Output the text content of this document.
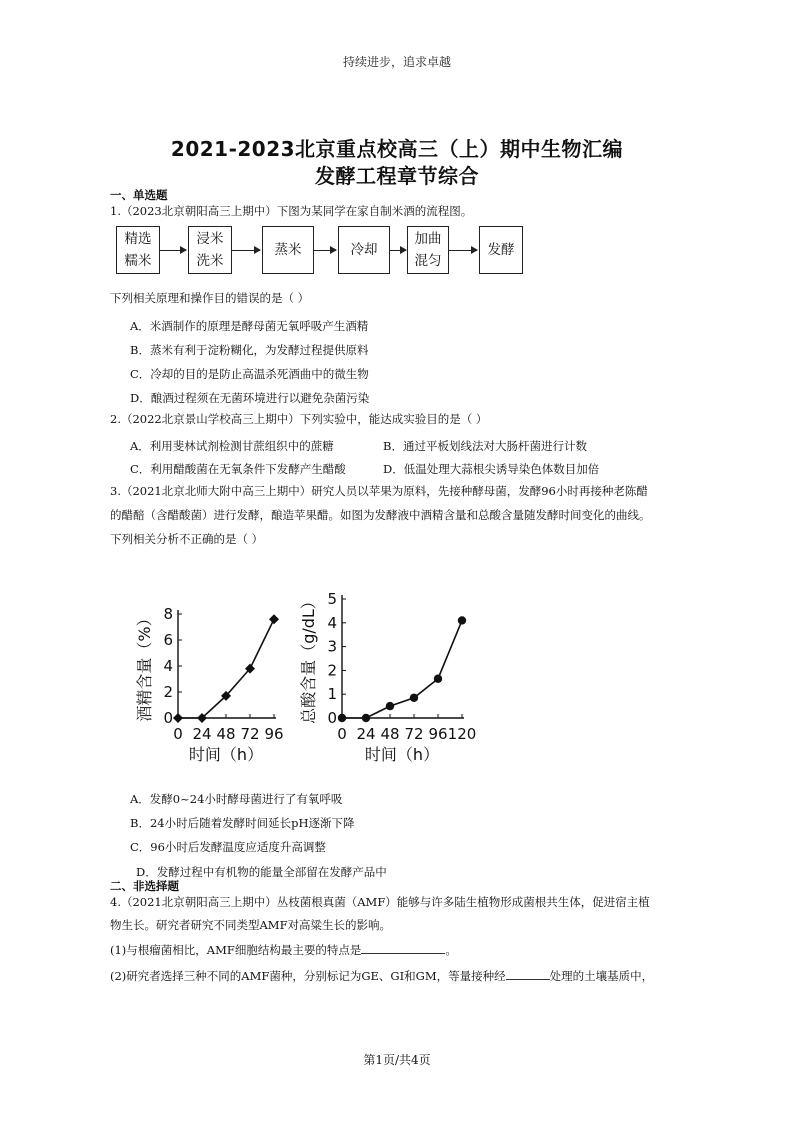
持续进步，追求卓越
2021-2023北京重点校高三（上）期中生物汇编
发酵工程章节综合
一、单选题
1.（2023北京朝阳高三上期中）下图为某同学在家自制米酒的流程图。
精选
糯米
浸米
洗米
蒸米	冷却
加曲
混匀
发酵
下列相关原理和操作目的错误的是（ ）
A．米酒制作的原理是酵母菌无氧呼吸产生酒精
B．蒸米有利于淀粉糊化，为发酵过程提供原料
C．冷却的目的是防止高温杀死酒曲中的微生物
D．酿酒过程须在无菌环境进行以避免杂菌污染
2.（2022北京景山学校高三上期中）下列实验中，能达成实验目的是（ ）
A．利用斐林试剂检测甘蔗组织中的蔗糖	B．通过平板划线法对大肠杆菌进行计数
C．利用醋酸菌在无氧条件下发酵产生醋酸	D．低温处理大蒜根尖诱导染色体数目加倍
3.（2021北京北师大附中高三上期中）研究人员以苹果为原料，先接种酵母菌，发酵96小时再接种老陈醋
的醋醅（含醋酸菌）进行发酵，酿造苹果醋。如图为发酵液中酒精含量和总酸含量随发酵时间变化的曲线。
下列相关分析不正确的是（ ）
0
2
4
6
8
0 24 48 72 96
时间（h）
酒精含量（%）	0
1
2
3
4
5
0 24 48 72 96 120
时间（h）
总酸含量（g/dL）
A．发酵0~24小时酵母菌进行了有氧呼吸
B．24小时后随着发酵时间延长pH逐渐下降
C．96小时后发酵温度应适度升高调整
D．发酵过程中有机物的能量全部留在发酵产品中
二、非选择题
4.（2021北京朝阳高三上期中）丛枝菌根真菌（AMF）能够与许多陆生植物形成菌根共生体，促进宿主植
物生长。研究者研究不同类型AMF对高粱生长的影响。
(1)与根瘤菌相比，AMF细胞结构最主要的特点是	。
(2)研究者选择三种不同的AMF菌种，分别标记为GE、GI和GM，等量接种经	处理的土壤基质中，
第1页/共4页
